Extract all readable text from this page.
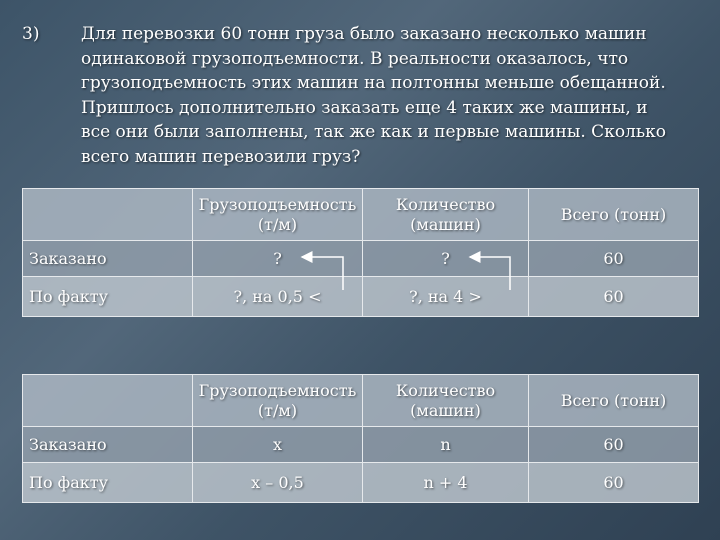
3) Для перевозки 60 тонн груза было заказано несколько машин одинаковой грузоподъемности. В реальности оказалось, что грузоподъемность этих машин на полтонны меньше обещанной. Пришлось дополнительно заказать еще 4 таких же машины, и все они были заполнены, так же как и первые машины. Сколько всего машин перевозили груз?
	Грузоподъемность (т/м)	Количество (машин)	Всего (тонн)
Заказано	?	?	60
По факту	?, на 0,5 <	?, на 4 >	60
	Грузоподъемность (т/м)	Количество (машин)	Всего (тонн)
Заказано	x	n	60
По факту	x – 0,5	n + 4	60
